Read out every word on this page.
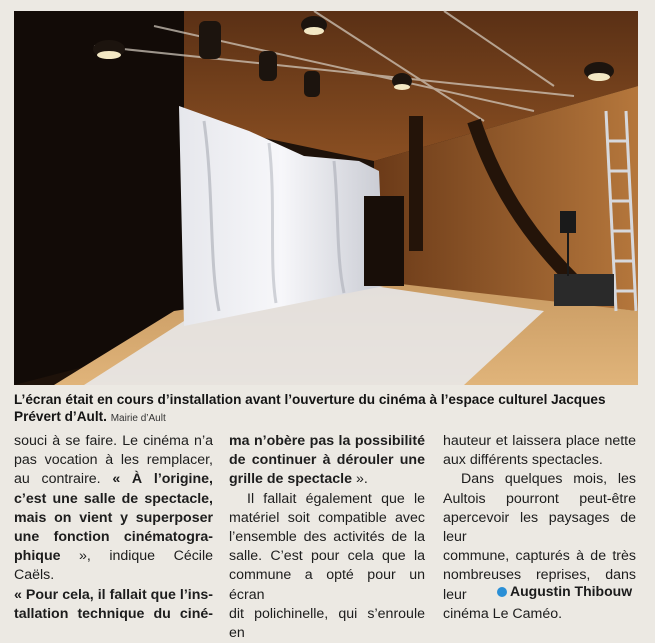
L’écran était en cours d’installation avant l’ouverture du cinéma à l’espace culturel Jacques Prévert d’Ault. Mairie d’Ault

souci à se faire. Le cinéma n’a

pas vocation à les remplacer,

au contraire. « À l’origine,

c’est une salle de spectacle,

mais on vient y superposer

une fonction cinématogra-

phique », indique Cécile Caëls.

« Pour cela, il fallait que l’ins-

tallation technique du ciné-

ma n’obère pas la possibilité

de continuer à dérouler une

grille de spectacle ».

Il fallait également que le

matériel soit compatible avec

l’ensemble des activités de la

salle. C’est pour cela que la

commune a opté pour un écran

dit polichinelle, qui s’enroule en

hauteur et laissera place nette

aux différents spectacles.

Dans quelques mois, les

Aultois pourront peut-être

apercevoir les paysages de leur

commune, capturés à de très

nombreuses reprises, dans leur

cinéma Le Caméo.

Augustin Thibouw
